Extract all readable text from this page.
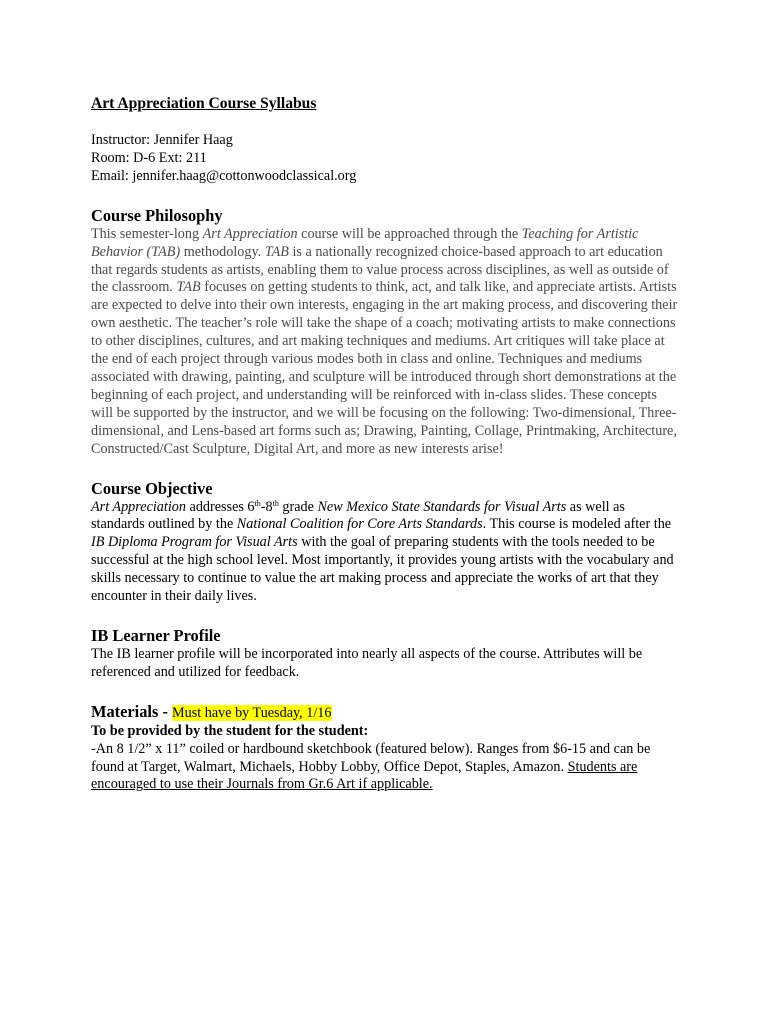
Art Appreciation Course Syllabus

Instructor: Jennifer Haag
Room: D-6 Ext: 211
Email: jennifer.haag@cottonwoodclassical.org
Course Philosophy

This semester-long Art Appreciation course will be approached through the Teaching for Artistic Behavior (TAB) methodology. TAB is a nationally recognized choice-based approach to art education that regards students as artists, enabling them to value process across disciplines, as well as outside of the classroom. TAB focuses on getting students to think, act, and talk like, and appreciate artists. Artists are expected to delve into their own interests, engaging in the art making process, and discovering their own aesthetic. The teacher’s role will take the shape of a coach; motivating artists to make connections to other disciplines, cultures, and art making techniques and mediums. Art critiques will take place at the end of each project through various modes both in class and online. Techniques and mediums associated with drawing, painting, and sculpture will be introduced through short demonstrations at the beginning of each project, and understanding will be reinforced with in-class slides. These concepts will be supported by the instructor, and we will be focusing on the following: Two-dimensional, Three-dimensional, and Lens-based art forms such as; Drawing, Painting, Collage, Printmaking, Architecture, Constructed/Cast Sculpture, Digital Art, and more as new interests arise!

Course Objective

Art Appreciation addresses 6th-8th grade New Mexico State Standards for Visual Arts as well as standards outlined by the National Coalition for Core Arts Standards. This course is modeled after the IB Diploma Program for Visual Arts with the goal of preparing students with the tools needed to be successful at the high school level. Most importantly, it provides young artists with the vocabulary and skills necessary to continue to value the art making process and appreciate the works of art that they encounter in their daily lives.

IB Learner Profile

The IB learner profile will be incorporated into nearly all aspects of the course. Attributes will be referenced and utilized for feedback.

Materials - Must have by Tuesday, 1/16

To be provided by the student for the student:

-An 8 1/2” x 11” coiled or hardbound sketchbook (featured below). Ranges from $6-15 and can be found at Target, Walmart, Michaels, Hobby Lobby, Office Depot, Staples, Amazon. Students are encouraged to use their Journals from Gr.6 Art if applicable.
